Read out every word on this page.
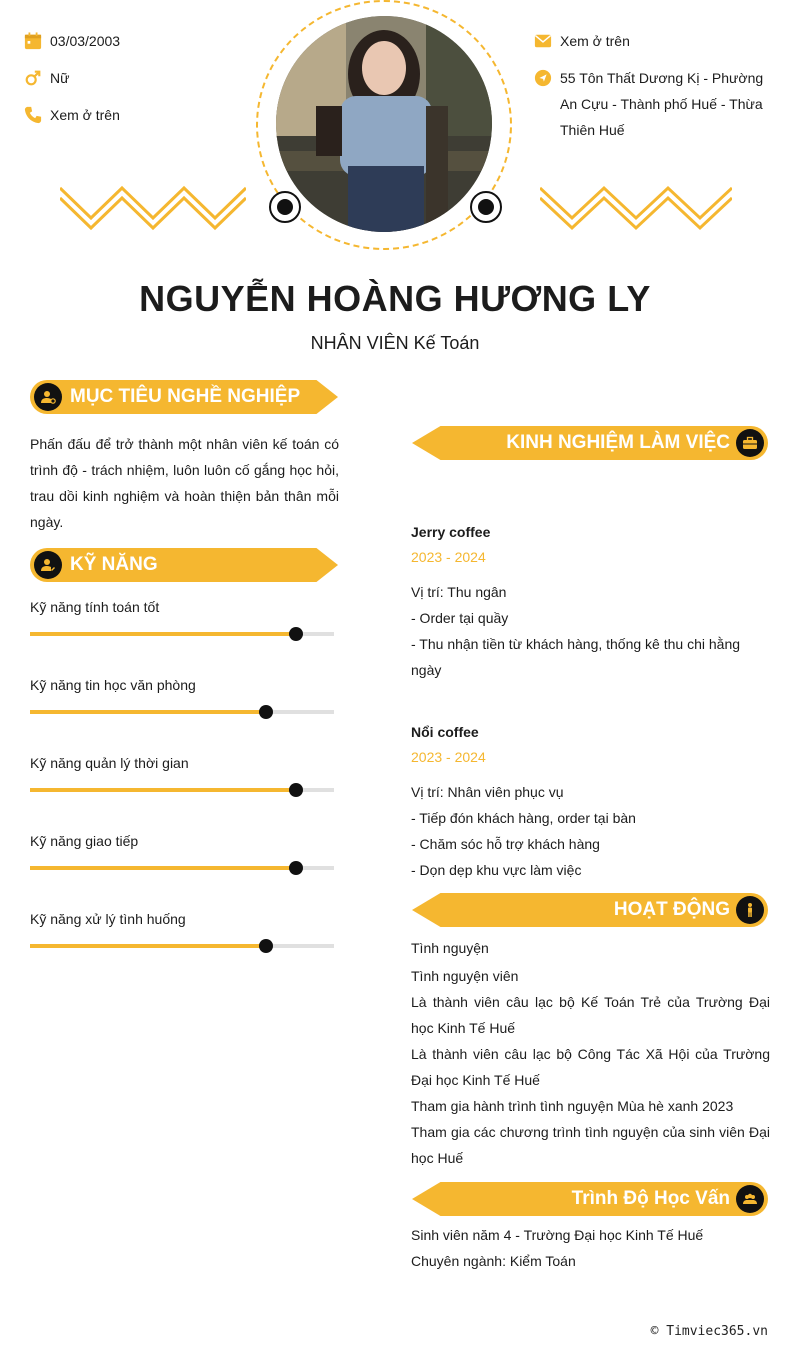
03/03/2003
Nữ
Xem ở trên
Xem ở trên
55 Tôn Thất Dương Kị - Phường An Cựu - Thành phố Huế - Thừa Thiên Huế
NGUYỄN HOÀNG HƯƠNG LY
NHÂN VIÊN Kế Toán
MỤC TIÊU NGHỀ NGHIỆP
Phấn đấu để trở thành một nhân viên kế toán có trình độ - trách nhiệm, luôn luôn cố gắng học hỏi, trau dồi kinh nghiệm và hoàn thiện bản thân mỗi ngày.
KỸ NĂNG
Kỹ năng tính toán tốt
Kỹ năng tin học văn phòng
Kỹ năng quản lý thời gian
Kỹ năng giao tiếp
Kỹ năng xử lý tình huống
KINH NGHIỆM LÀM VIỆC
Jerry coffee
2023 - 2024
Vị trí: Thu ngân
- Order tại quầy
- Thu nhận tiền từ khách hàng, thống kê thu chi hằng ngày
Nổi coffee
2023 - 2024
Vị trí: Nhân viên phục vụ
- Tiếp đón khách hàng, order tại bàn
- Chăm sóc hỗ trợ khách hàng
- Dọn dẹp khu vực làm việc
HOẠT ĐỘNG
Tình nguyện
Tình nguyện viên
Là thành viên câu lạc bộ Kế Toán Trẻ của Trường Đại học Kinh Tế Huế
Là thành viên câu lạc bộ Công Tác Xã Hội của Trường Đại học Kinh Tế Huế
Tham gia hành trình tình nguyện Mùa hè xanh 2023
Tham gia các chương trình tình nguyện của sinh viên Đại học Huế
Trình Độ Học Vấn
Sinh viên năm 4 - Trường Đại học Kinh Tế Huế
Chuyên ngành: Kiểm Toán
© Timviec365.vn
